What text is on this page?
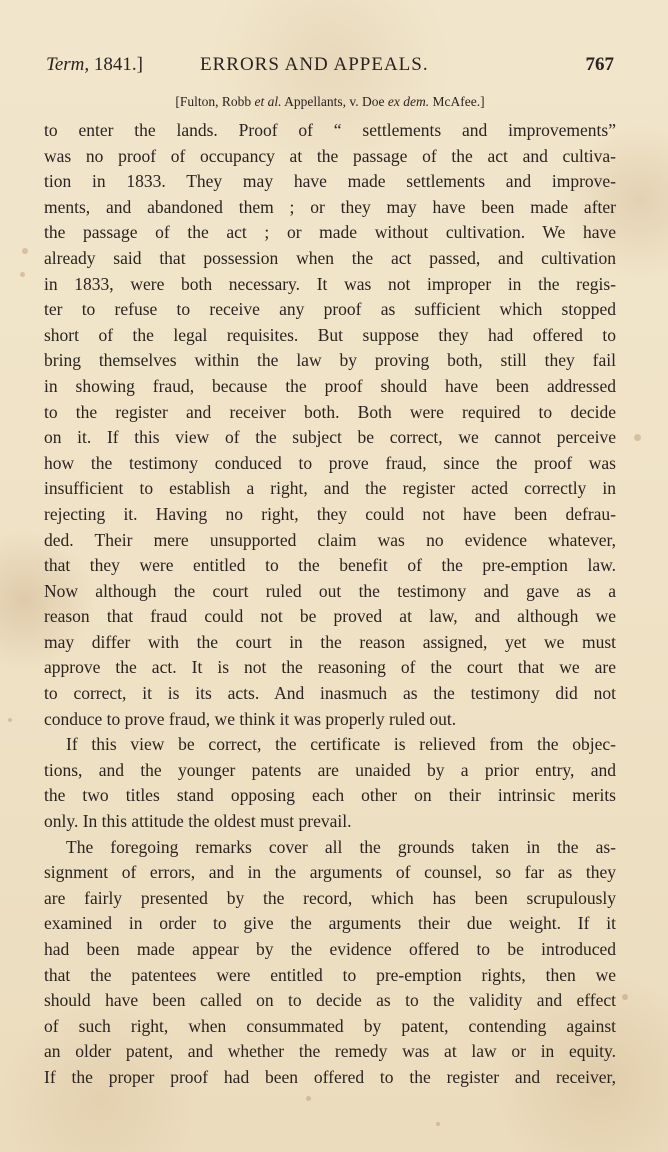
Term, 1841.]	ERRORS AND APPEALS.	767
[Fulton, Robb et al. Appellants, v. Doe ex dem. McAfee.]
to enter the lands. Proof of “ settlements and improvements”
was no proof of occupancy at the passage of the act and cultiva-
tion in 1833. They may have made settlements and improve-
ments, and abandoned them ; or they may have been made after
the passage of the act ; or made without cultivation. We have
already said that possession when the act passed, and cultivation
in 1833, were both necessary. It was not improper in the regis-
ter to refuse to receive any proof as sufficient which stopped
short of the legal requisites. But suppose they had offered to
bring themselves within the law by proving both, still they fail
in showing fraud, because the proof should have been addressed
to the register and receiver both. Both were required to decide
on it. If this view of the subject be correct, we cannot perceive
how the testimony conduced to prove fraud, since the proof was
insufficient to establish a right, and the register acted correctly in
rejecting it. Having no right, they could not have been defrau-
ded. Their mere unsupported claim was no evidence whatever,
that they were entitled to the benefit of the pre-emption law.
Now although the court ruled out the testimony and gave as a
reason that fraud could not be proved at law, and although we
may differ with the court in the reason assigned, yet we must
approve the act. It is not the reasoning of the court that we are
to correct, it is its acts. And inasmuch as the testimony did not
conduce to prove fraud, we think it was properly ruled out.
If this view be correct, the certificate is relieved from the objec-
tions, and the younger patents are unaided by a prior entry, and
the two titles stand opposing each other on their intrinsic merits
only. In this attitude the oldest must prevail.
The foregoing remarks cover all the grounds taken in the as-
signment of errors, and in the arguments of counsel, so far as they
are fairly presented by the record, which has been scrupulously
examined in order to give the arguments their due weight. If it
had been made appear by the evidence offered to be introduced
that the patentees were entitled to pre-emption rights, then we
should have been called on to decide as to the validity and effect
of such right, when consummated by patent, contending against
an older patent, and whether the remedy was at law or in equity.
If the proper proof had been offered to the register and receiver,
